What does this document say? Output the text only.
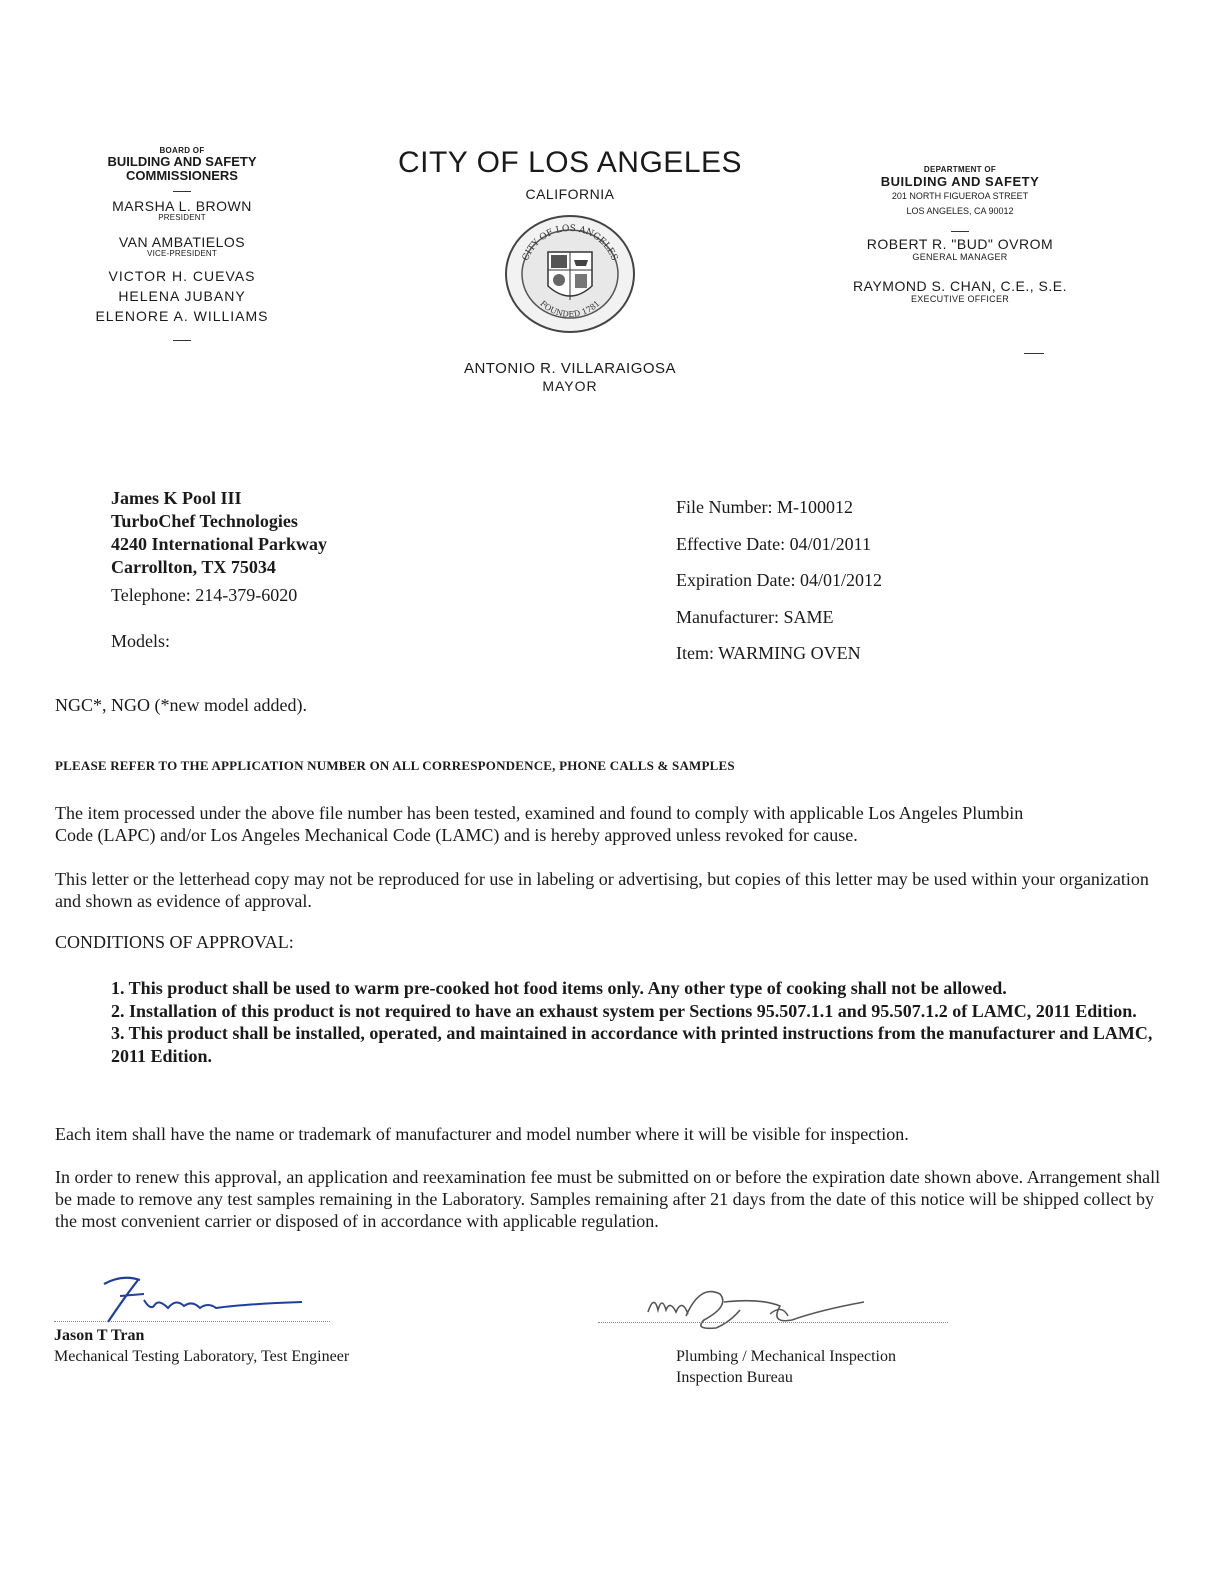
BOARD OF
BUILDING AND SAFETY
COMMISSIONERS
MARSHA L. BROWN
PRESIDENT
VAN AMBATIELOS
VICE-PRESIDENT
VICTOR H. CUEVAS
HELENA JUBANY
ELENORE A. WILLIAMS
CITY OF LOS ANGELES
CALIFORNIA
CITY OF LOS ANGELES
FOUNDED 1781
ANTONIO R. VILLARAIGOSA
MAYOR
DEPARTMENT OF
BUILDING AND SAFETY
201 NORTH FIGUEROA STREET
LOS ANGELES, CA 90012
ROBERT R. "BUD" OVROM
GENERAL MANAGER
RAYMOND S. CHAN, C.E., S.E.
EXECUTIVE OFFICER
James K Pool III
TurboChef Technologies
4240 International Parkway
Carrollton, TX 75034
Telephone: 214-379-6020
Models:
File Number: M-100012
Effective Date: 04/01/2011
Expiration Date: 04/01/2012
Manufacturer: SAME
Item: WARMING OVEN
NGC*, NGO (*new model added).
PLEASE REFER TO THE APPLICATION NUMBER ON ALL CORRESPONDENCE, PHONE CALLS & SAMPLES
The item processed under the above file number has been tested, examined and found to comply with applicable Los Angeles Plumbin
Code (LAPC) and/or Los Angeles Mechanical Code (LAMC) and is hereby approved unless revoked for cause.
This letter or the letterhead copy may not be reproduced for use in labeling or advertising, but copies of this letter may be used within your organization and shown as evidence of approval.
CONDITIONS OF APPROVAL:
1. This product shall be used to warm pre-cooked hot food items only. Any other type of cooking shall not be allowed.
2. Installation of this product is not required to have an exhaust system per Sections 95.507.1.1 and 95.507.1.2 of LAMC, 2011 Edition.
3. This product shall be installed, operated, and maintained in accordance with printed instructions from the manufacturer and LAMC, 2011 Edition.
Each item shall have the name or trademark of manufacturer and model number where it will be visible for inspection.
In order to renew this approval, an application and reexamination fee must be submitted on or before the expiration date shown above. Arrangement shall be made to remove any test samples remaining in the Laboratory. Samples remaining after 21 days from the date of this notice will be shipped collect by the most convenient carrier or disposed of in accordance with applicable regulation.
Jason T Tran
Mechanical Testing Laboratory, Test Engineer	Plumbing / Mechanical Inspection
Inspection Bureau
